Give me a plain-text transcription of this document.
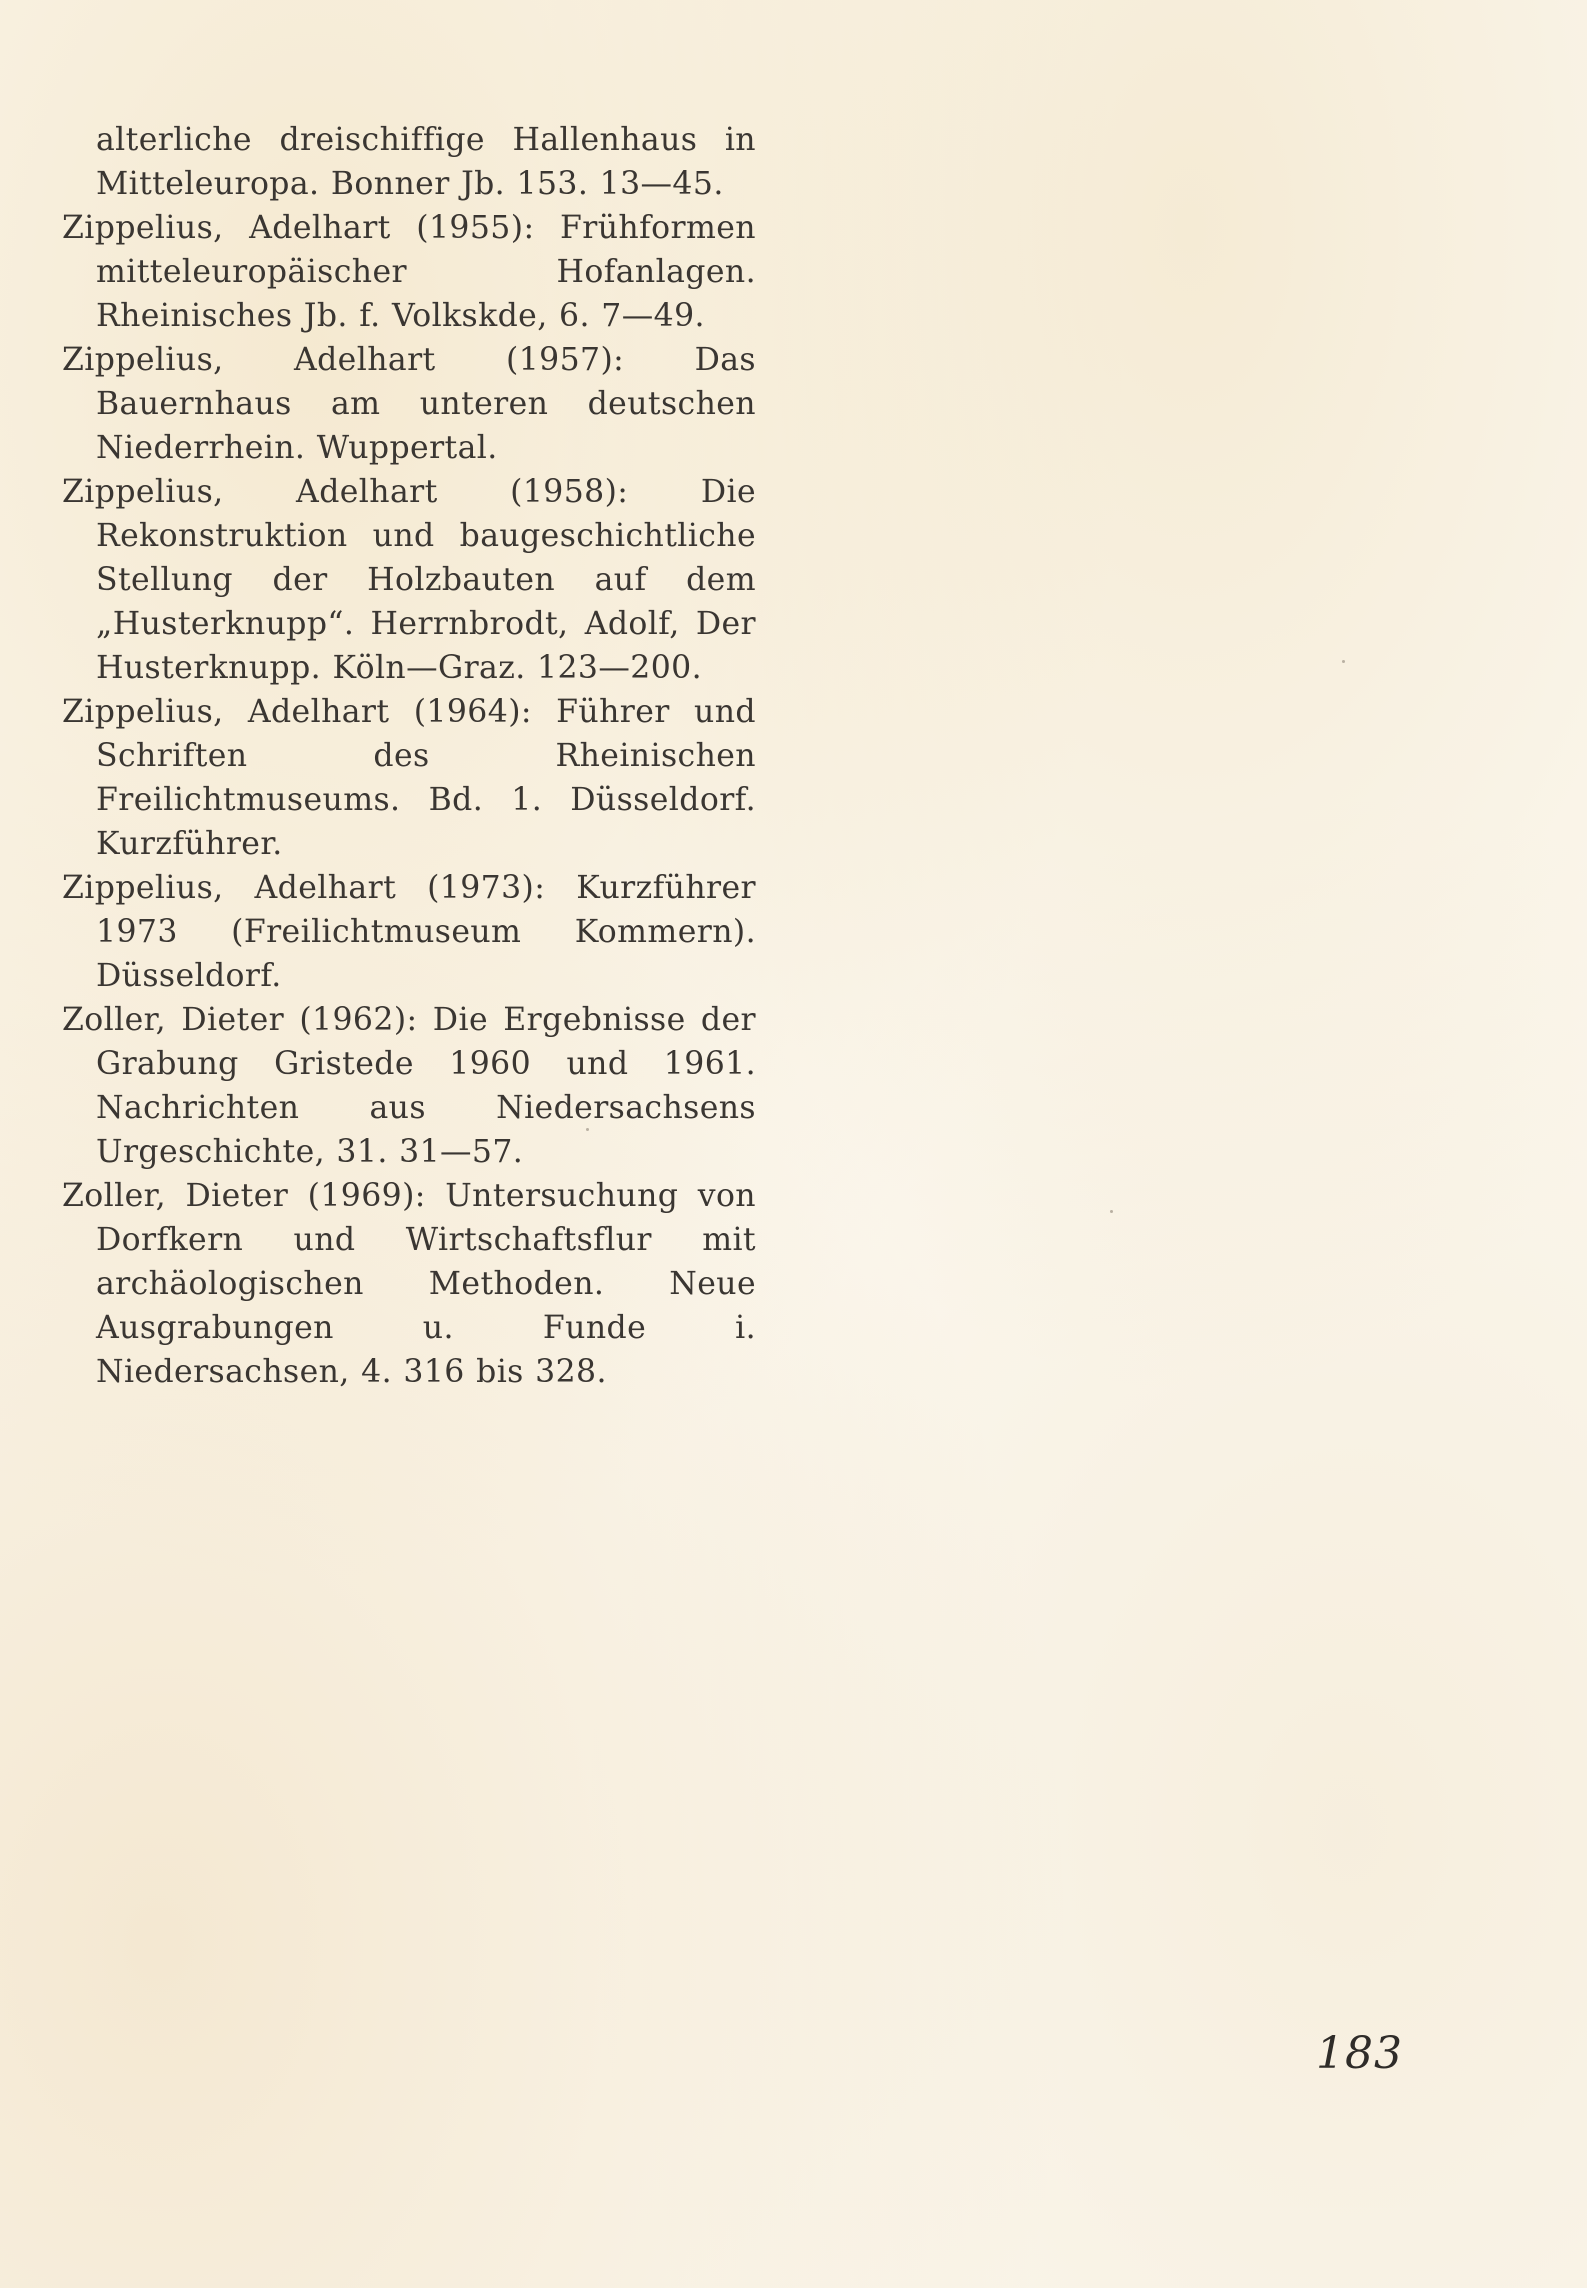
alterliche dreischiffige Hallenhaus in Mitteleuropa. Bonner Jb. 153. 13—45.

Zippelius, Adelhart (1955): Frühformen mitteleuropäischer Hofanlagen. Rheinisches Jb. f. Volkskde, 6. 7—49.

Zippelius, Adelhart (1957): Das Bauernhaus am unteren deutschen Niederrhein. Wuppertal.

Zippelius, Adelhart (1958): Die Rekonstruktion und baugeschichtliche Stellung der Holzbauten auf dem „Husterknupp“. Herrnbrodt, Adolf, Der Husterknupp. Köln—Graz. 123—200.

Zippelius, Adelhart (1964): Führer und Schriften des Rheinischen Freilichtmuseums. Bd. 1. Düsseldorf. Kurzführer.

Zippelius, Adelhart (1973): Kurzführer 1973 (Freilichtmuseum Kommern). Düsseldorf.

Zoller, Dieter (1962): Die Ergebnisse der Grabung Gristede 1960 und 1961. Nachrichten aus Niedersachsens Urgeschichte, 31. 31—57.

Zoller, Dieter (1969): Untersuchung von Dorfkern und Wirtschaftsflur mit archäologischen Methoden. Neue Ausgrabungen u. Funde i. Niedersachsen, 4. 316 bis 328.

183
